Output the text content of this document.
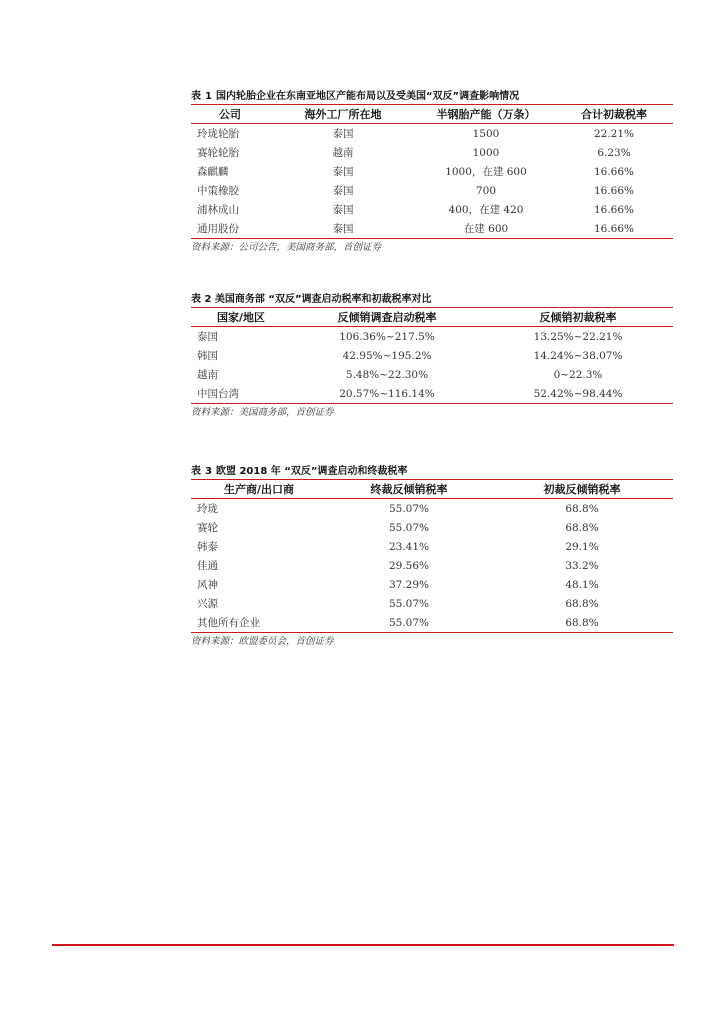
表 1 国内轮胎企业在东南亚地区产能布局以及受美国“双反”调查影响情况
公司	海外工厂所在地	半钢胎产能（万条）	合计初裁税率
玲珑轮胎	泰国	1500	22.21%
赛轮轮胎	越南	1000	6.23%
森麒麟	泰国	1000，在建 600	16.66%
中策橡胶	泰国	700	16.66%
浦林成山	泰国	400，在建 420	16.66%
通用股份	泰国	在建 600	16.66%
资料来源：公司公告，美国商务部，首创证券
表 2 美国商务部 “双反”调查启动税率和初裁税率对比
国家/地区	反倾销调查启动税率	反倾销初裁税率
泰国	106.36%~217.5%	13.25%~22.21%
韩国	42.95%~195.2%	14.24%~38.07%
越南	5.48%~22.30%	0~22.3%
中国台湾	20.57%~116.14%	52.42%~98.44%
资料来源：美国商务部，首创证券
表 3 欧盟 2018 年 “双反”调查启动和终裁税率
生产商/出口商	终裁反倾销税率	初裁反倾销税率
玲珑	55.07%	68.8%
赛轮	55.07%	68.8%
韩泰	23.41%	29.1%
佳通	29.56%	33.2%
风神	37.29%	48.1%
兴源	55.07%	68.8%
其他所有企业	55.07%	68.8%
资料来源：欧盟委员会，首创证券
